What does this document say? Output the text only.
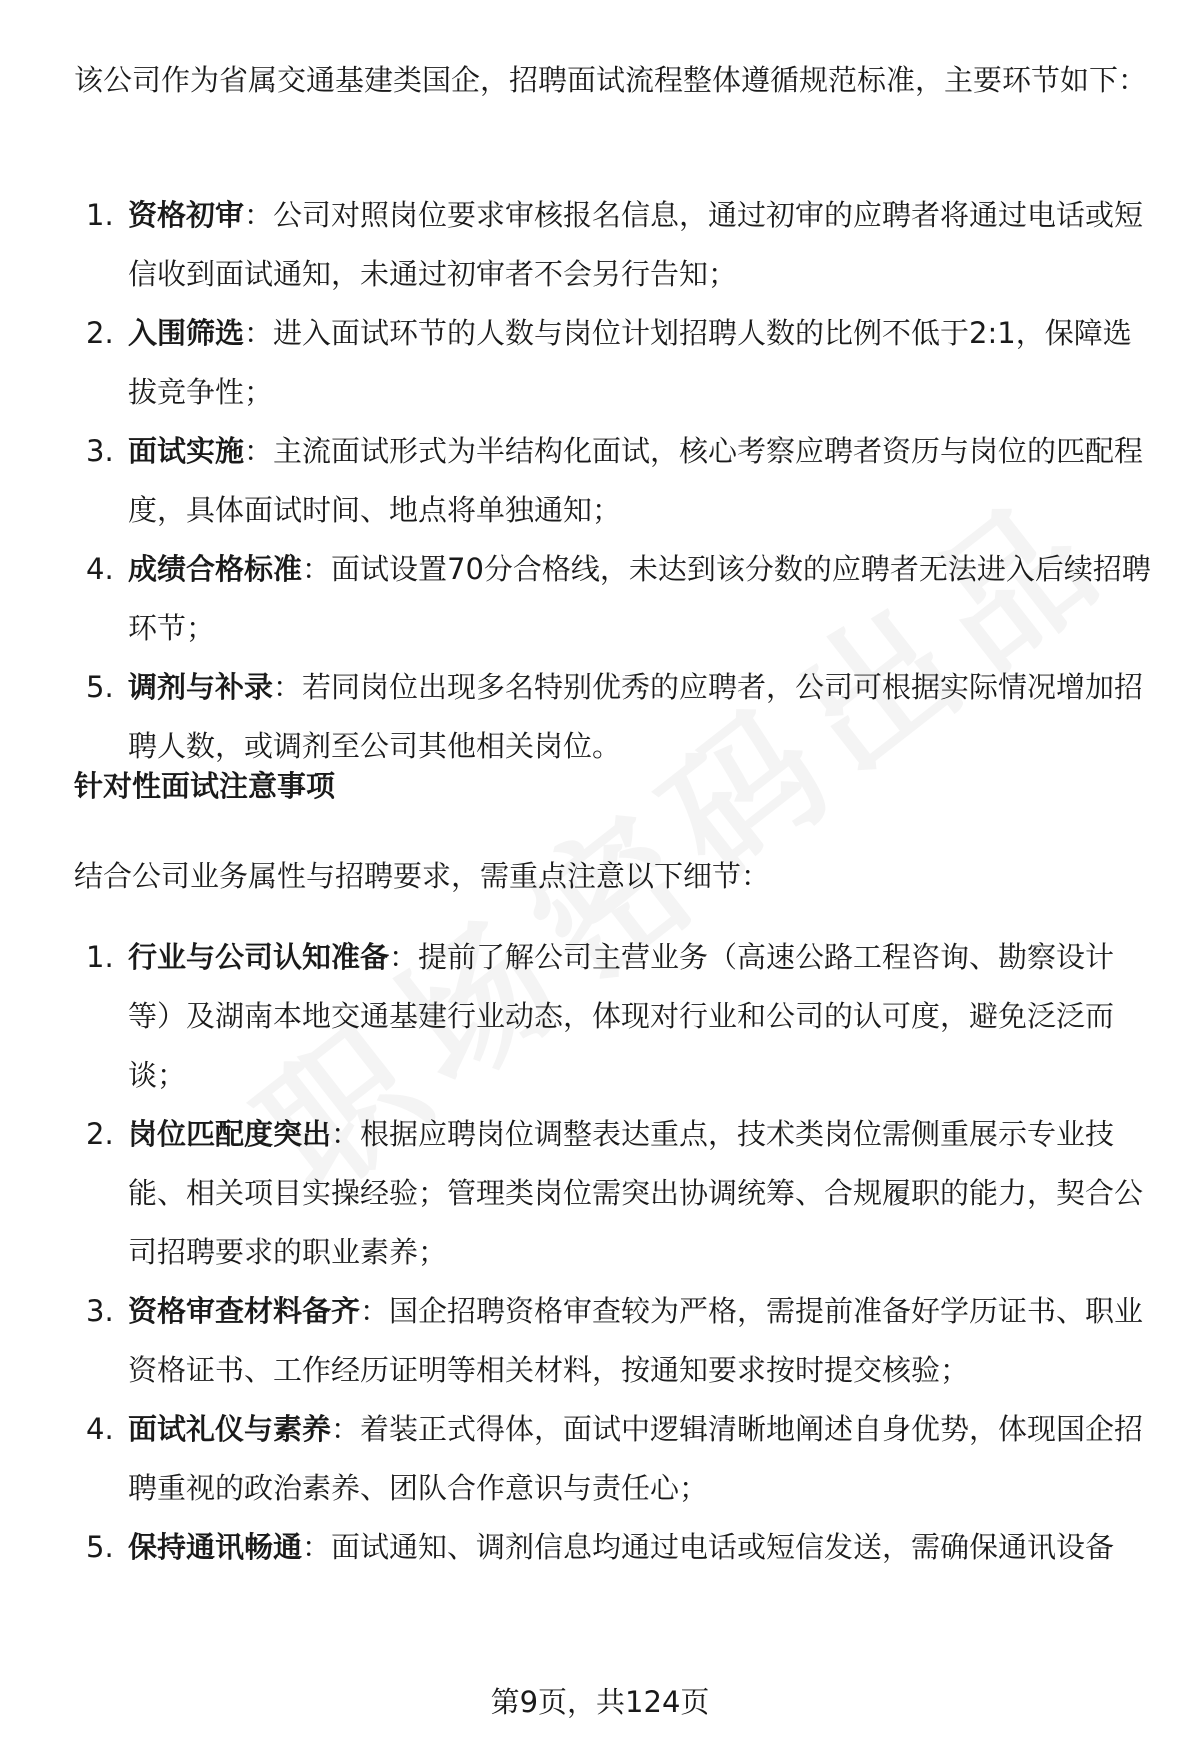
该公司作为省属交通基建类国企，招聘面试流程整体遵循规范标准，主要环节如下：

1. 资格初审：公司对照岗位要求审核报名信息，通过初审的应聘者将通过电话或短信收到面试通知，未通过初审者不会另行告知；
2. 入围筛选：进入面试环节的人数与岗位计划招聘人数的比例不低于2:1，保障选拔竞争性；
3. 面试实施：主流面试形式为半结构化面试，核心考察应聘者资历与岗位的匹配程度，具体面试时间、地点将单独通知；
4. 成绩合格标准：面试设置70分合格线，未达到该分数的应聘者无法进入后续招聘环节；
5. 调剂与补录：若同岗位出现多名特别优秀的应聘者，公司可根据实际情况增加招聘人数，或调剂至公司其他相关岗位。

针对性面试注意事项

结合公司业务属性与招聘要求，需重点注意以下细节：

1. 行业与公司认知准备：提前了解公司主营业务（高速公路工程咨询、勘察设计等）及湖南本地交通基建行业动态，体现对行业和公司的认可度，避免泛泛而谈；
2. 岗位匹配度突出：根据应聘岗位调整表达重点，技术类岗位需侧重展示专业技能、相关项目实操经验；管理类岗位需突出协调统筹、合规履职的能力，契合公司招聘要求的职业素养；
3. 资格审查材料备齐：国企招聘资格审查较为严格，需提前准备好学历证书、职业资格证书、工作经历证明等相关材料，按通知要求按时提交核验；
4. 面试礼仪与素养：着装正式得体，面试中逻辑清晰地阐述自身优势，体现国企招聘重视的政治素养、团队合作意识与责任心；
5. 保持通讯畅通：面试通知、调剂信息均通过电话或短信发送，需确保通讯设备
第9页，共124页
